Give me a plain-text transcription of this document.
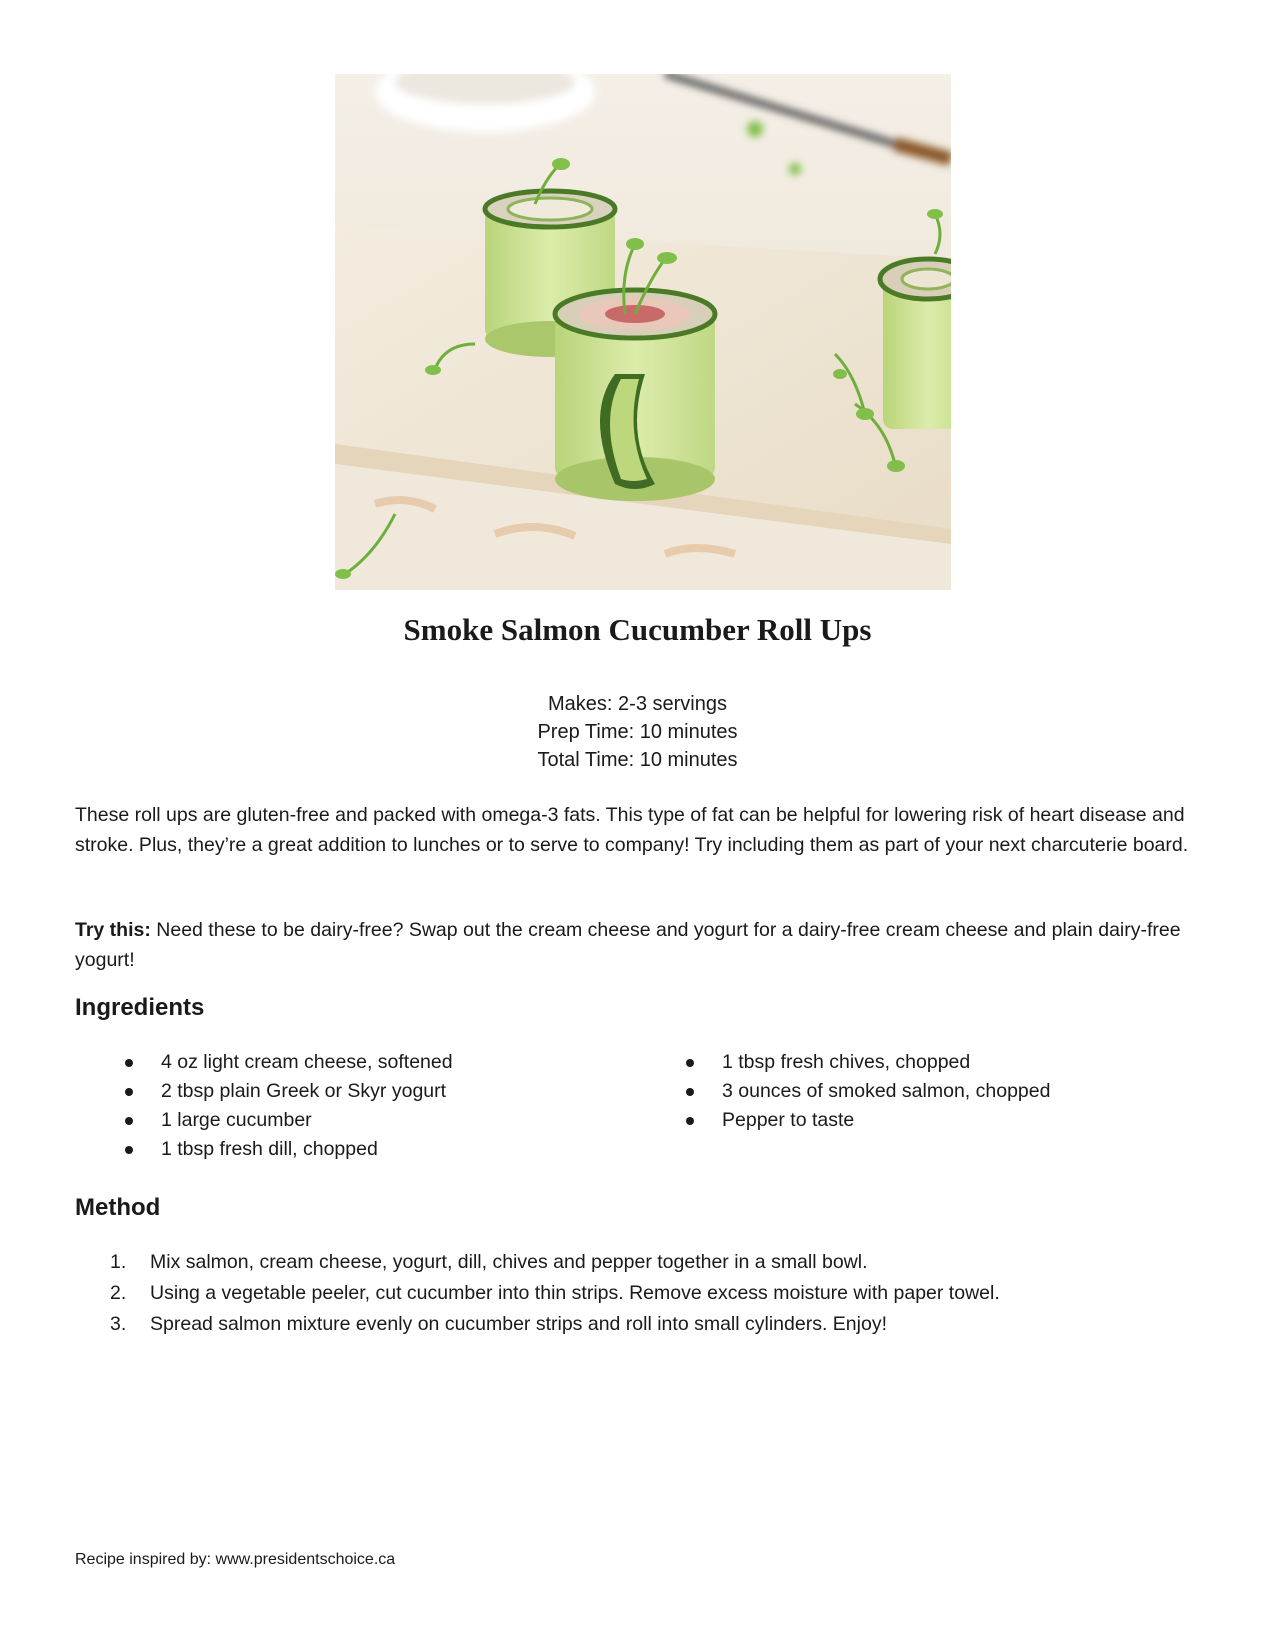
Smoke Salmon Cucumber Roll Ups
Makes: 2-3 servings
Prep Time: 10 minutes
Total Time: 10 minutes

These roll ups are gluten-free and packed with omega-3 fats. This type of fat can be helpful for lowering risk of heart disease and stroke. Plus, they’re a great addition to lunches or to serve to company! Try including them as part of your next charcuterie board.

Try this: Need these to be dairy-free? Swap out the cream cheese and yogurt for a dairy-free cream cheese and plain dairy-free yogurt!

Ingredients
4 oz light cream cheese, softened
2 tbsp plain Greek or Skyr yogurt
1 large cucumber
1 tbsp fresh dill, chopped
1 tbsp fresh chives, chopped
3 ounces of smoked salmon, chopped
Pepper to taste
Method
1.	Mix salmon, cream cheese, yogurt, dill, chives and pepper together in a small bowl.
2.	Using a vegetable peeler, cut cucumber into thin strips. Remove excess moisture with paper towel.
3.	Spread salmon mixture evenly on cucumber strips and roll into small cylinders. Enjoy!

Recipe inspired by: www.presidentschoice.ca
